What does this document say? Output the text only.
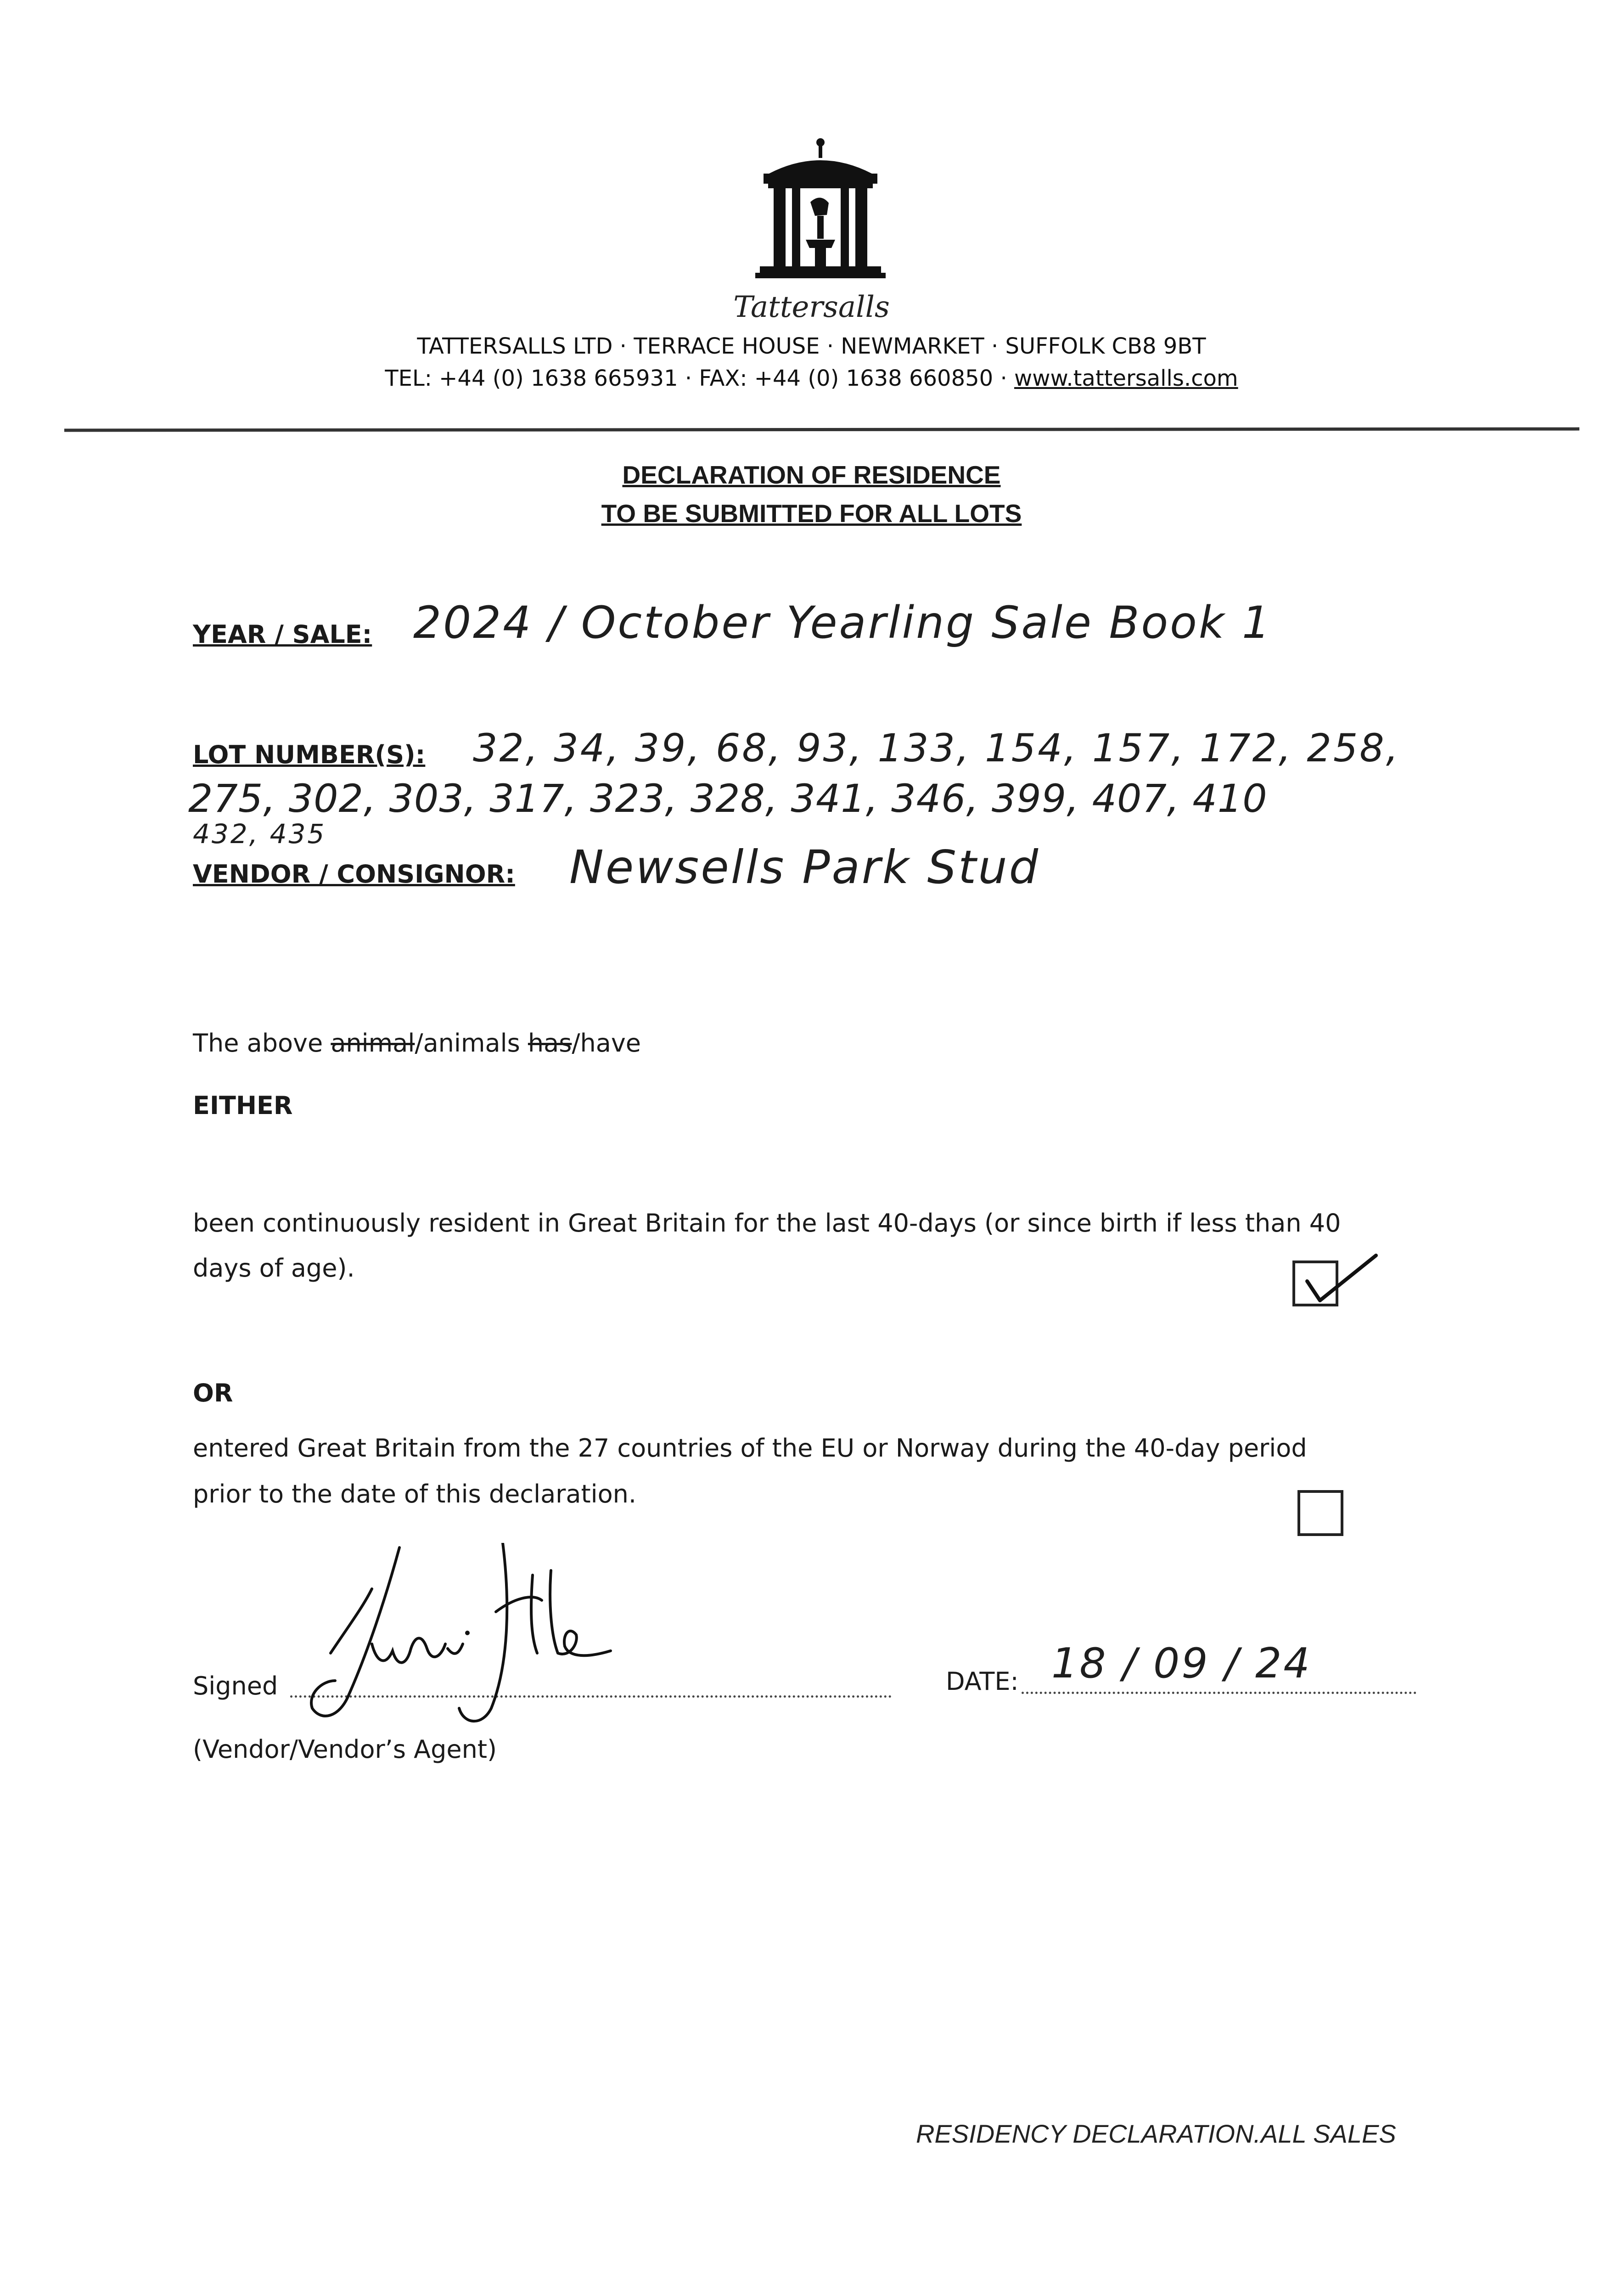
Tattersalls
TATTERSALLS LTD · TERRACE HOUSE · NEWMARKET · SUFFOLK CB8 9BT
TEL: +44 (0) 1638 665931 · FAX: +44 (0) 1638 660850 · www.tattersalls.com
DECLARATION OF RESIDENCE
TO BE SUBMITTED FOR ALL LOTS
YEAR / SALE: 2024 / October Yearling Sale Book 1
LOT NUMBER(S): 32, 34, 39, 68, 93, 133, 154, 157, 172, 258,
275, 302, 303, 317, 323, 328, 341, 346, 399, 407, 410
432, 435
VENDOR / CONSIGNOR: Newsells Park Stud
The above animal/animals has/have
EITHER
been continuously resident in Great Britain for the last 40-days (or since birth if less than 40
days of age).
OR
entered Great Britain from the 27 countries of the EU or Norway during the 40-day period
prior to the date of this declaration.
Signed	DATE: 18 / 09 / 24
(Vendor/Vendor’s Agent)
RESIDENCY DECLARATION.ALL SALES
